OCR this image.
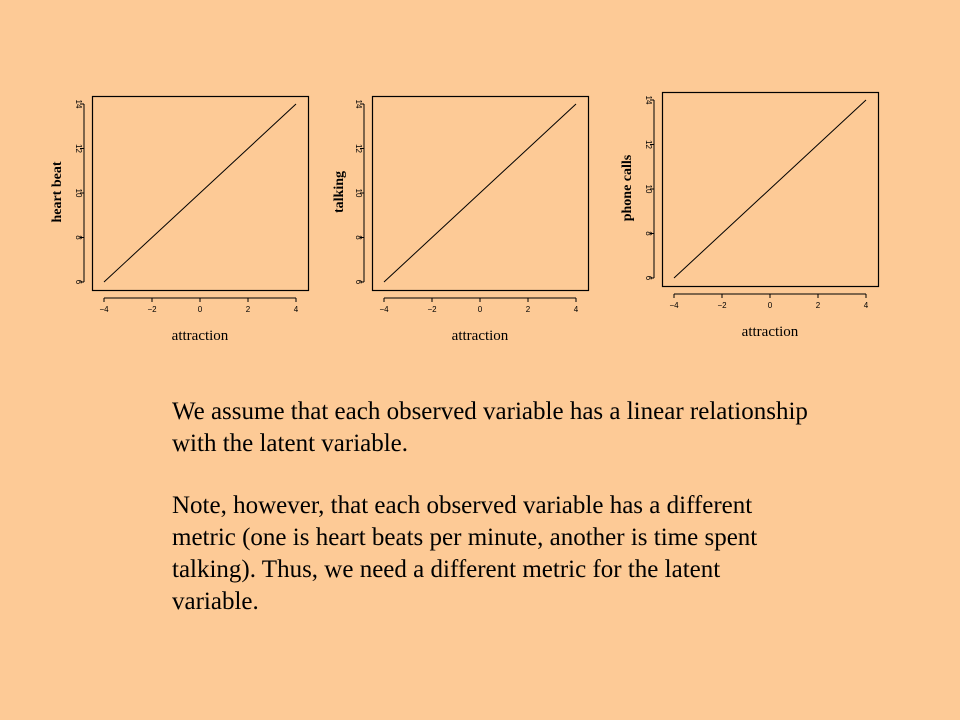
−4	−2	0	2	4
6
8
10
12
14
heart beat
attraction
−4	−2	0	2	4
6
8
10
12
14
talking
attraction
−4	−2	0	2	4
6
8
10
12
14
phone calls
attraction

We assume that each observed variable has a linear relationship with the latent variable.

Note, however, that each observed variable has a different metric (one is heart beats per minute, another is time spent talking). Thus, we need a different metric for the latent variable.
